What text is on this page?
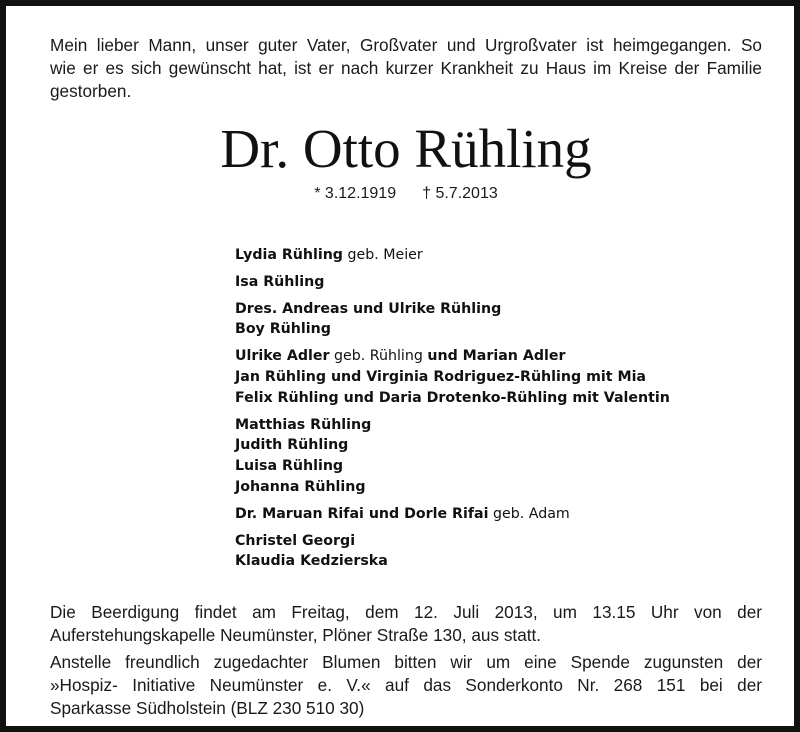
Mein lieber Mann, unser guter Vater, Großvater und Urgroßvater ist heimgegangen. So
wie er es sich gewünscht hat, ist er nach kurzer Krankheit zu Haus im Kreise der Familie
gestorben.

Dr. Otto Rühling
* 3.12.1919 † 5.7.2013
Lydia Rühling geb. Meier
Isa Rühling
Dres. Andreas und Ulrike Rühling
Boy Rühling
Ulrike Adler geb. Rühling und Marian Adler
Jan Rühling und Virginia Rodriguez-Rühling mit Mia
Felix Rühling und Daria Drotenko-Rühling mit Valentin
Matthias Rühling
Judith Rühling
Luisa Rühling
Johanna Rühling
Dr. Maruan Rifai und Dorle Rifai geb. Adam
Christel Georgi
Klaudia Kedzierska

Die Beerdigung findet am Freitag, dem 12. Juli 2013, um 13.15 Uhr von der
Auferstehungskapelle Neumünster, Plöner Straße 130, aus statt.

Anstelle freundlich zugedachter Blumen bitten wir um eine Spende zugunsten der
»Hospiz- Initiative Neumünster e. V.« auf das Sonderkonto Nr. 268 151 bei der
Sparkasse Südholstein (BLZ 230 510 30)
